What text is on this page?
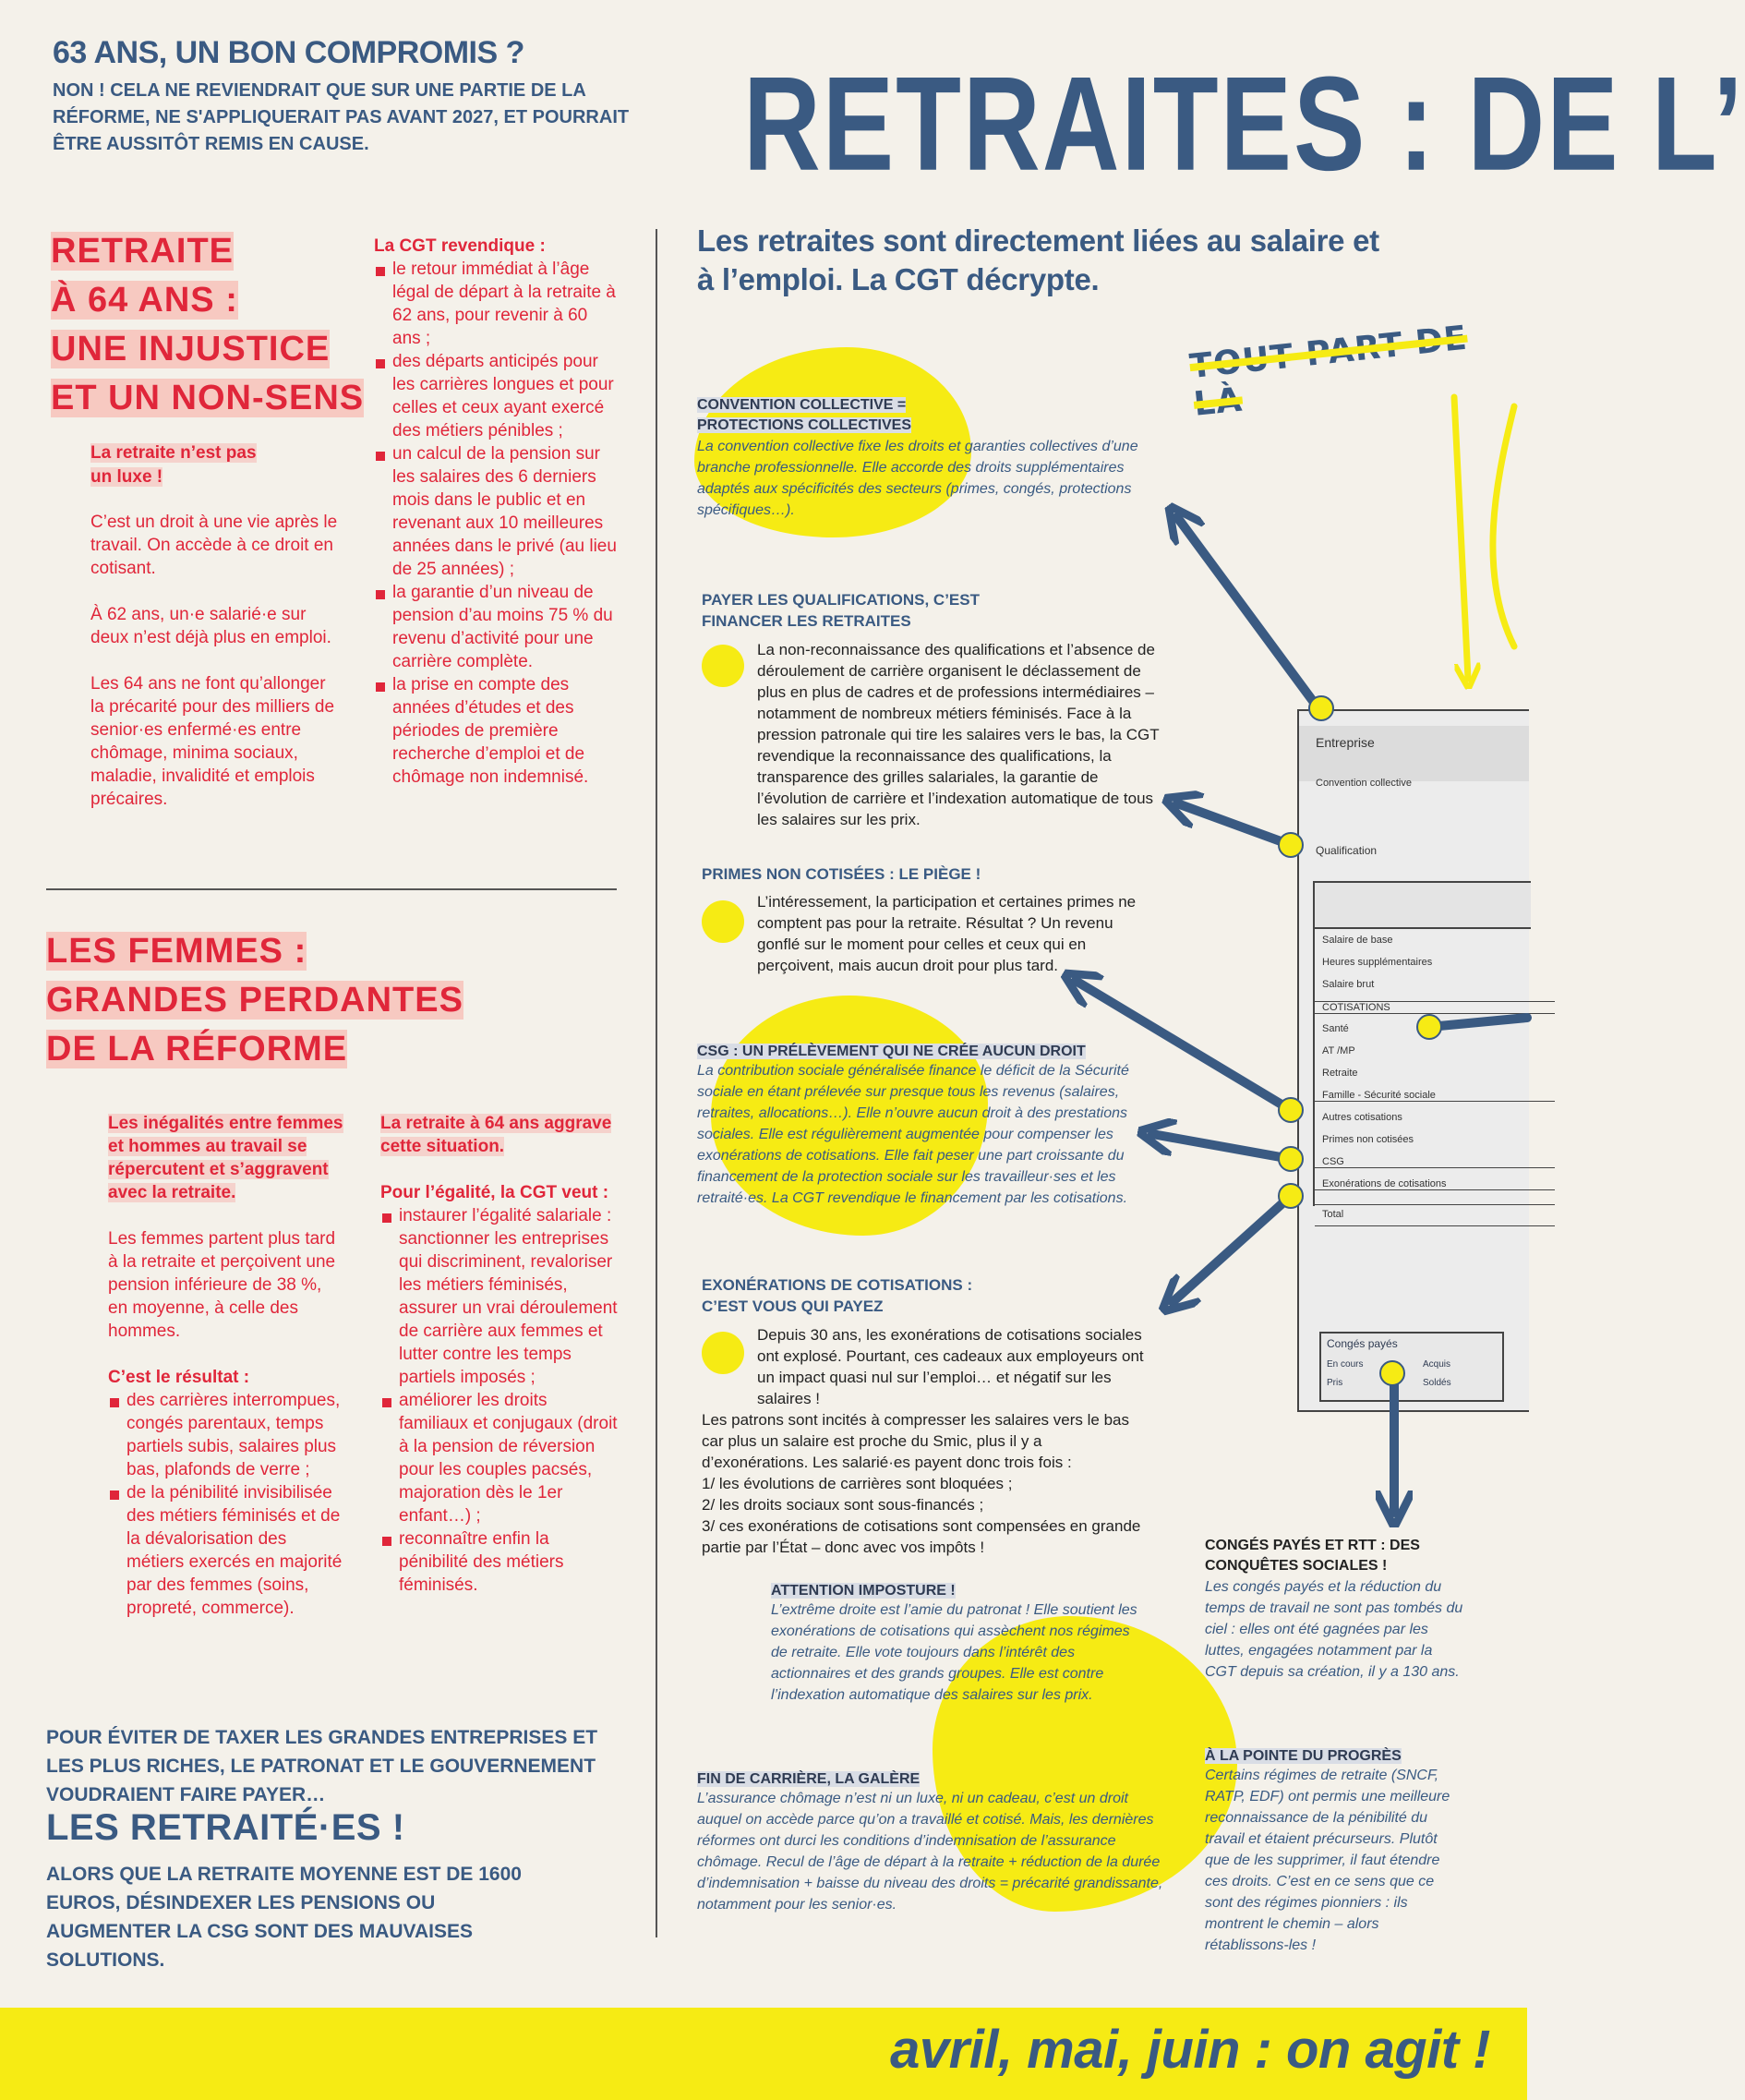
63 ANS, UN BON COMPROMIS ?
NON ! CELA NE REVIENDRAIT QUE SUR UNE PARTIE DE LA RÉFORME, NE S'APPLIQUERAIT PAS AVANT 2027, ET POURRAIT ÊTRE AUSSITÔT REMIS EN CAUSE.	RETRAITES : DE L’
RETRAITE
À 64 ANS :
UNE INJUSTICE
ET UN NON-SENS
La retraite n’est pas un luxe !

C’est un droit à une vie après le travail. On accède à ce droit en cotisant.

À 62 ans, un·e salarié·e sur deux n’est déjà plus en emploi.

Les 64 ans ne font qu’allonger la précarité pour des milliers de senior·es enfermé·es entre chômage, minima sociaux, maladie, invalidité et emplois précaires.

La CGT revendique :
le retour immédiat à l’âge légal de départ à la retraite à 62 ans, pour revenir à 60 ans ;
des départs anticipés pour les carrières longues et pour celles et ceux ayant exercé des métiers pénibles ;
un calcul de la pension sur les salaires des 6 derniers mois dans le public et en revenant aux 10 meilleures années dans le privé (au lieu de 25 années) ;
la garantie d’un niveau de pension d’au moins 75 % du revenu d’activité pour une carrière complète.
la prise en compte des années d’études et des périodes de première recherche d’emploi et de chômage non indemnisé.
LES FEMMES :
GRANDES PERDANTES
DE LA RÉFORME

Les inégalités entre femmes et hommes au travail se répercutent et s’aggravent avec la retraite.

Les femmes partent plus tard à la retraite et perçoivent une pension inférieure de 38 %, en moyenne, à celle des hommes.

C’est le résultat :
des carrières interrompues, congés parentaux, temps partiels subis, salaires plus bas, plafonds de verre ;
de la pénibilité invisibilisée des métiers féminisés et de la dévalorisation des métiers exercés en majorité par des femmes (soins, propreté, commerce).

La retraite à 64 ans aggrave cette situation.

Pour l’égalité, la CGT veut :
instaurer l’égalité salariale : sanctionner les entreprises qui discriminent, revaloriser les métiers féminisés, assurer un vrai déroulement de carrière aux femmes et lutter contre les temps partiels imposés ;
améliorer les droits familiaux et conjugaux (droit à la pension de réversion pour les couples pacsés, majoration dès le 1er enfant…) ;
reconnaître enfin la pénibilité des métiers féminisés.
POUR ÉVITER DE TAXER LES GRANDES ENTREPRISES ET LES PLUS RICHES, LE PATRONAT ET LE GOUVERNEMENT VOUDRAIENT FAIRE PAYER…
LES RETRAITÉ·ES !
ALORS QUE LA RETRAITE MOYENNE EST DE 1600 EUROS, DÉSINDEXER LES PENSIONS OU AUGMENTER LA CSG SONT DES MAUVAISES SOLUTIONS.
Les retraites sont directement liées au salaire et à l’emploi. La CGT décrypte.
TOUT PART DE LÀ
CONVENTION COLLECTIVE = PROTECTIONS COLLECTIVES
La convention collective fixe les droits et garanties collectives d’une branche professionnelle. Elle accorde des droits supplémentaires adaptés aux spécificités des secteurs (primes, congés, protections spécifiques…).
PAYER LES QUALIFICATIONS, C’EST FINANCER LES RETRAITES
La non-reconnaissance des qualifications et l’absence de déroulement de carrière organisent le déclassement de plus en plus de cadres et de professions intermédiaires – notamment de nombreux métiers féminisés. Face à la pression patronale qui tire les salaires vers le bas, la CGT revendique la reconnaissance des qualifications, la transparence des grilles salariales, la garantie de l’évolution de carrière et l’indexation automatique de tous les salaires sur les prix.
PRIMES NON COTISÉES : LE PIÈGE !
L’intéressement, la participation et certaines primes ne comptent pas pour la retraite. Résultat ? Un revenu gonflé sur le moment pour celles et ceux qui en perçoivent, mais aucun droit pour plus tard.
CSG : UN PRÉLÈVEMENT QUI NE CRÉE AUCUN DROIT
La contribution sociale généralisée finance le déficit de la Sécurité sociale en étant prélevée sur presque tous les revenus (salaires, retraites, allocations…). Elle n’ouvre aucun droit à des prestations sociales. Elle est régulièrement augmentée pour compenser les exonérations de cotisations. Elle fait peser une part croissante du financement de la protection sociale sur les travailleur·ses et les retraité·es. La CGT revendique le financement par les cotisations.
EXONÉRATIONS DE COTISATIONS : C’EST VOUS QUI PAYEZ
Depuis 30 ans, les exonérations de cotisations sociales ont explosé. Pourtant, ces cadeaux aux employeurs ont un impact quasi nul sur l’emploi… et négatif sur les salaires !
Les patrons sont incités à compresser les salaires vers le bas car plus un salaire est proche du Smic, plus il y a d’exonérations. Les salarié·es payent donc trois fois :
1/ les évolutions de carrières sont bloquées ;
2/ les droits sociaux sont sous-financés ;
3/ ces exonérations de cotisations sont compensées en grande partie par l’État – donc avec vos impôts !
ATTENTION IMPOSTURE !
L’extrême droite est l’amie du patronat ! Elle soutient les exonérations de cotisations qui assèchent nos régimes de retraite. Elle vote toujours dans l’intérêt des actionnaires et des grands groupes. Elle est contre l’indexation automatique des salaires sur les prix.
FIN DE CARRIÈRE, LA GALÈRE
L’assurance chômage n’est ni un luxe, ni un cadeau, c’est un droit auquel on accède parce qu’on a travaillé et cotisé. Mais, les dernières réformes ont durci les conditions d’indemnisation de l’assurance chômage. Recul de l’âge de départ à la retraite + réduction de la durée d’indemnisation + baisse du niveau des droits = précarité grandissante, notamment pour les senior·es.
CONGÉS PAYÉS ET RTT : DES CONQUÊTES SOCIALES !
Les congés payés et la réduction du temps de travail ne sont pas tombés du ciel : elles ont été gagnées par les luttes, engagées notamment par la CGT depuis sa création, il y a 130 ans.
À LA POINTE DU PROGRÈS
Certains régimes de retraite (SNCF, RATP, EDF) ont permis une meilleure reconnaissance de la pénibilité du travail et étaient précurseurs. Plutôt que de les supprimer, il faut étendre ces droits. C’est en ce sens que ce sont des régimes pionniers : ils montrent le chemin – alors rétablissons-les !
Entreprise
Convention collective
Qualification
Salaire de base
Heures supplémentaires
Salaire brut
COTISATIONS
Santé
AT /MP
Retraite
Famille - Sécurité sociale
Autres cotisations
Primes non cotisées
CSG
Exonérations de cotisations
Total
Congés payés
En cours	Acquis
Pris	Soldés
avril, mai, juin : on agit !
